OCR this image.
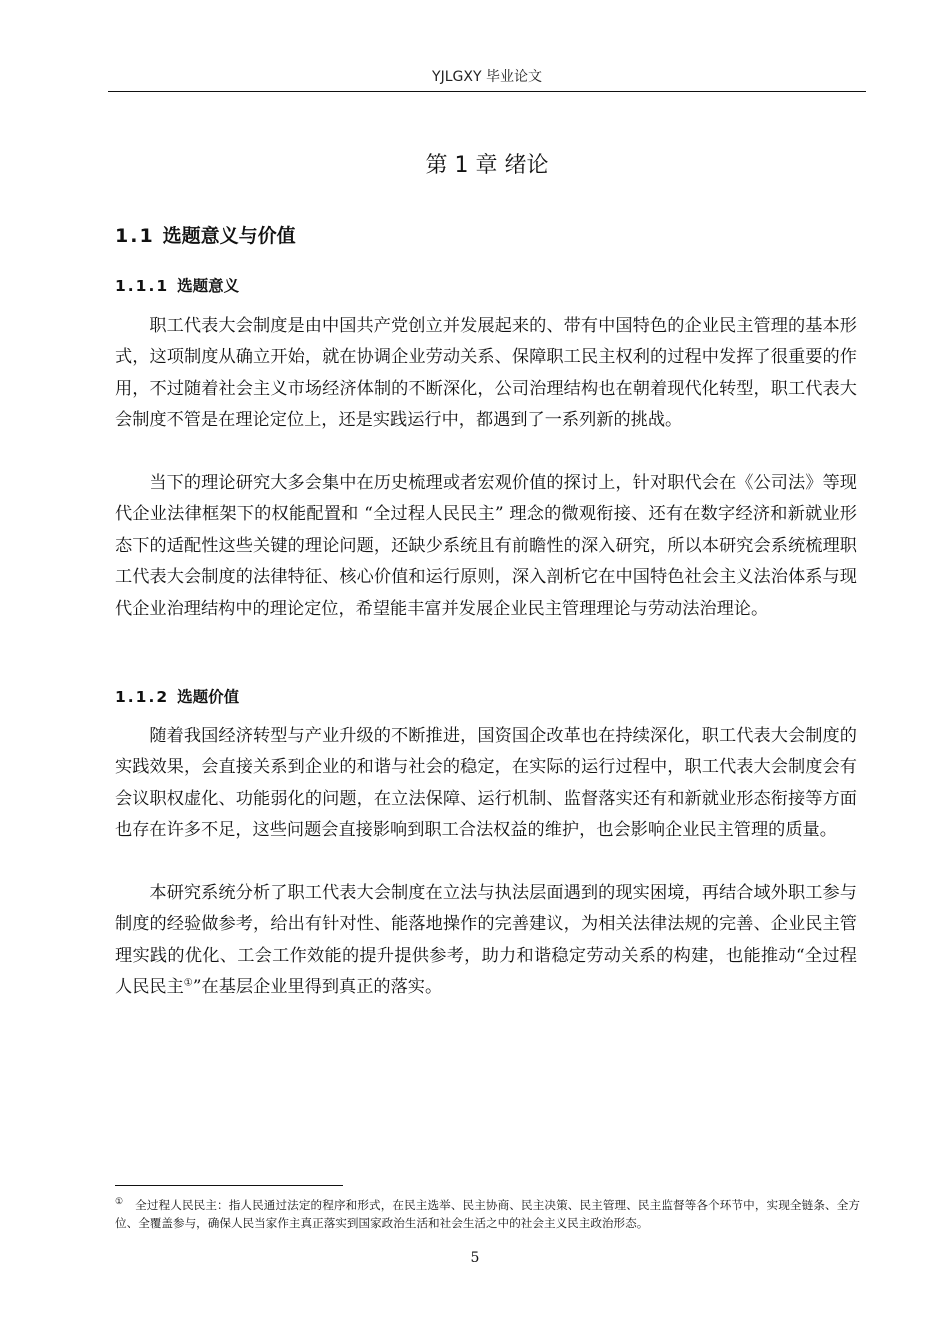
YJLGXY 毕业论文
第 1 章 绪论
1.1 选题意义与价值
1.1.1 选题意义

职工代表大会制度是由中国共产党创立并发展起来的、带有中国特色的企业民主管理的基本形式，这项制度从确立开始，就在协调企业劳动关系、保障职工民主权利的过程中发挥了很重要的作用，不过随着社会主义市场经济体制的不断深化，公司治理结构也在朝着现代化转型，职工代表大会制度不管是在理论定位上，还是实践运行中，都遇到了一系列新的挑战。

当下的理论研究大多会集中在历史梳理或者宏观价值的探讨上，针对职代会在《公司法》等现代企业法律框架下的权能配置和 “全过程人民民主” 理念的微观衔接、还有在数字经济和新就业形态下的适配性这些关键的理论问题，还缺少系统且有前瞻性的深入研究，所以本研究会系统梳理职工代表大会制度的法律特征、核心价值和运行原则，深入剖析它在中国特色社会主义法治体系与现代企业治理结构中的理论定位，希望能丰富并发展企业民主管理理论与劳动法治理论。

1.1.2 选题价值

随着我国经济转型与产业升级的不断推进，国资国企改革也在持续深化，职工代表大会制度的实践效果，会直接关系到企业的和谐与社会的稳定，在实际的运行过程中，职工代表大会制度会有会议职权虚化、功能弱化的问题，在立法保障、运行机制、监督落实还有和新就业形态衔接等方面也存在许多不足，这些问题会直接影响到职工合法权益的维护，也会影响企业民主管理的质量。

本研究系统分析了职工代表大会制度在立法与执法层面遇到的现实困境，再结合域外职工参与制度的经验做参考，给出有针对性、能落地操作的完善建议，为相关法律法规的完善、企业民主管理实践的优化、工会工作效能的提升提供参考，助力和谐稳定劳动关系的构建，也能推动“全过程人民民主①”在基层企业里得到真正的落实。

① 全过程人民民主：指人民通过法定的程序和形式，在民主选举、民主协商、民主决策、民主管理、民主监督等各个环节中，实现全链条、全方位、全覆盖参与，确保人民当家作主真正落实到国家政治生活和社会生活之中的社会主义民主政治形态。

5
